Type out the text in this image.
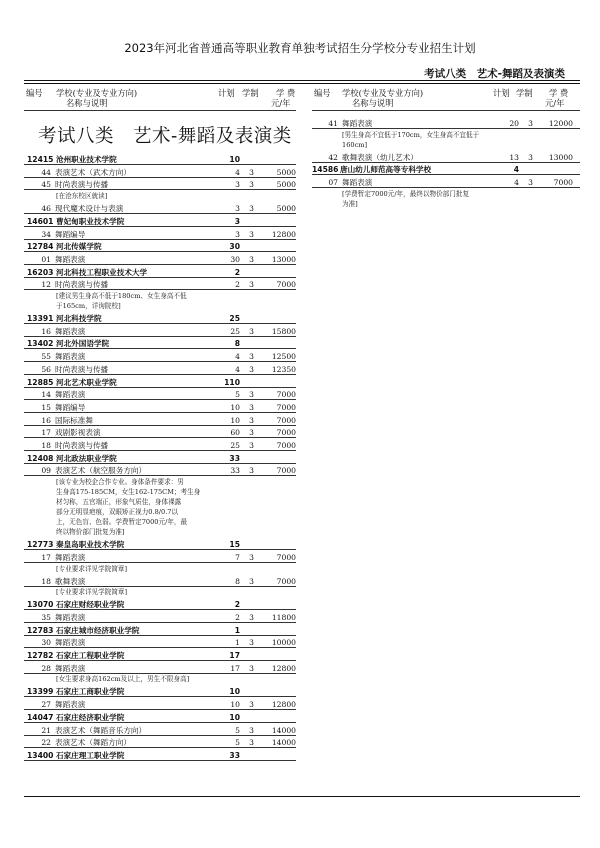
2023年河北省普通高等职业教育单独考试招生分学校分专业招生计划
考试八类　艺术-舞蹈及表演类
编号 学校(专业及专业方向)
名称与说明
计划 学制 学 费
元/年
编号 学校(专业及专业方向)
名称与说明
计划 学制 学 费
元/年
考试八类　艺术-舞蹈及表演类
12415 沧州职业技术学院	10
44 表演艺术（武术方向）	4	3	5000
45 时尚表演与传播	3	3	5000
[在沧东校区就读]
46 现代魔术设计与表演	3	3	5000
14601 曹妃甸职业技术学院	3
34 舞蹈编导	3	3	12800
12784 河北传媒学院	30
01 舞蹈表演	30	3	13000
16203 河北科技工程职业技术大学	2
12 时尚表演与传播	2	3	7000
[建议男生身高不低于180cm、女生身高不低
于165cm，详询院校]
13391 河北科技学院	25
16 舞蹈表演	25	3	15800
13402 河北外国语学院	8
55 舞蹈表演	4	3	12500
56 时尚表演与传播	4	3	12350
12885 河北艺术职业学院	110
14 舞蹈表演	5	3	7000
15 舞蹈编导	10	3	7000
16 国际标准舞	10	3	7000
17 戏剧影视表演	60	3	7000
18 时尚表演与传播	25	3	7000
12408 河北政法职业学院	33
09 表演艺术（航空服务方向）	33	3	7000
[该专业为校企合作专业。身体条件要求：男
生身高175-185CM，女生162-175CM；考生身
材匀称，五官端正，形象气质佳，身体裸露
部分无明显疤痕，双眼矫正视力0.8/0.7以
上，无色盲、色弱。学费暂定7000元/年，最
终以物价部门批复为准]
12773 秦皇岛职业技术学院	15
17 舞蹈表演	7	3	7000
[专业要求详见学院简章]
18 歌舞表演	8	3	7000
[专业要求详见学院简章]
13070 石家庄财经职业学院	2
35 舞蹈表演	2	3	11800
12783 石家庄城市经济职业学院	1
30 舞蹈表演	1	3	10000
12782 石家庄工程职业学院	17
28 舞蹈表演	17	3	12800
[女生要求身高162cm及以上，男生不限身高]
13399 石家庄工商职业学院	10
27 舞蹈表演	10	3	12800
14047 石家庄经济职业学院	10
21 表演艺术（舞蹈音乐方向）	5	3	14000
22 表演艺术（舞蹈方向）	5	3	14000
13400 石家庄理工职业学院	33
41 舞蹈表演	20	3	12000
[男生身高不宜低于170cm，女生身高不宜低于
160cm]
42 歌舞表演（幼儿艺术）	13	3	13000
14586 唐山幼儿师范高等专科学校	4
07 舞蹈表演	4	3	7000
[学费暂定7000元/年，最终以物价部门批复
为准]
